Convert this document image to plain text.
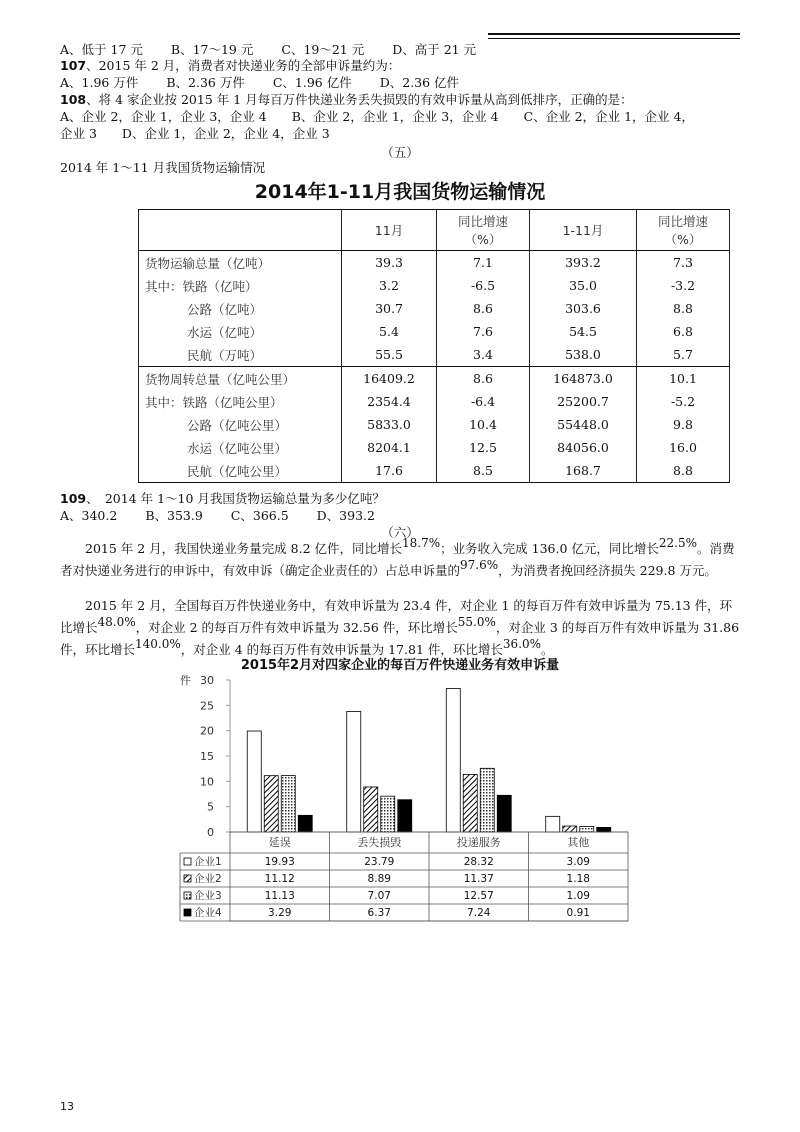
A、低于 17 元 B、17～19 元 C、19～21 元 D、高于 21 元
107、2015 年 2 月，消费者对快递业务的全部申诉量约为：
A、1.96 万件 B、2.36 万件 C、1.96 亿件 D、2.36 亿件
108、将 4 家企业按 2015 年 1 月每百万件快递业务丢失损毁的有效申诉量从高到低排序，正确的是：
A、企业 2，企业 1，企业 3，企业 4　　B、企业 2，企业 1，企业 3，企业 4　　C、企业 2，企业 1，企业 4，
企业 3　　D、企业 1，企业 2，企业 4，企业 3
（五）
2014 年 1～11 月我国货物运输情况
2014年1-11月我国货物运输情况
	11月	同比增速（%）	1-11月	同比增速（%）
货物运输总量（亿吨）	39.3	7.1	393.2	7.3
其中：铁路（亿吨）	3.2	-6.5	35.0	-3.2
公路（亿吨）	30.7	8.6	303.6	8.8
水运（亿吨）	5.4	7.6	54.5	6.8
民航（万吨）	55.5	3.4	538.0	5.7
货物周转总量（亿吨公里）	16409.2	8.6	164873.0	10.1
其中：铁路（亿吨公里）	2354.4	-6.4	25200.7	-5.2
公路（亿吨公里）	5833.0	10.4	55448.0	9.8
水运（亿吨公里）	8204.1	12.5	84056.0	16.0
民航（亿吨公里）	17.6	8.5	168.7	8.8
109、　2014 年 1～10 月我国货物运输总量为多少亿吨？
A、340.2 B、353.9 C、366.5 D、393.2
（六）
　　2015 年 2 月，我国快递业务量完成 8.2 亿件，同比增长18.7%；业务收入完成 136.0 亿元，同比增长22.5%。消费者对快递业务进行的申诉中，有效申诉（确定企业责任的）占总申诉量的97.6%，为消费者挽回经济损失 229.8 万元。
　　2015 年 2 月，全国每百万件快递业务中，有效申诉量为 23.4 件，对企业 1 的每百万件有效申诉量为 75.13 件，环比增长48.0%，对企业 2 的每百万件有效申诉量为 32.56 件，环比增长55.0%，对企业 3 的每百万件有效申诉量为 31.86 件，环比增长140.0%，对企业 4 的每百万件有效申诉量为 17.81 件，环比增长36.0%。
2015年2月对四家企业的每百万件快递业务有效申诉量
0
5
10
15
20
25
30
件
延误	丢失损毁	投递服务	其他
企业1	19.93	23.79	28.32	3.09
企业2	11.12	8.89	11.37	1.18
企业3	11.13	7.07	12.57	1.09
企业4	3.29	6.37	7.24	0.91
13
